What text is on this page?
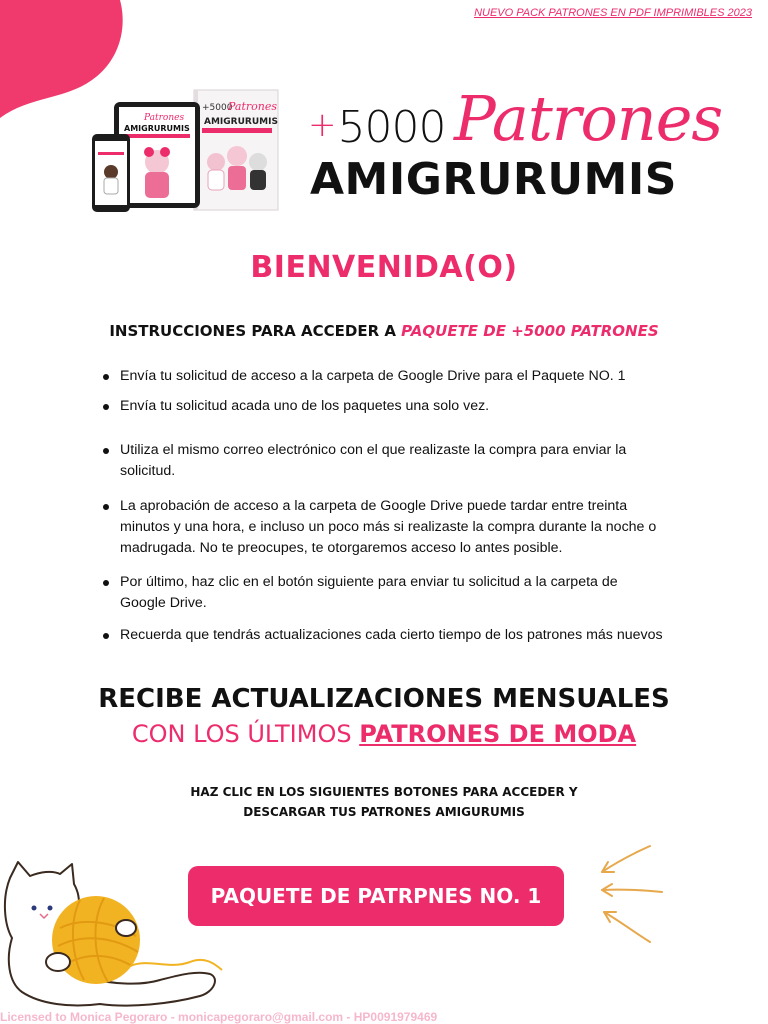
NUEVO PACK PATRONES EN PDF IMPRIMIBLES 2023
+5000
Patrones
AMIGRURUMIS
Patrones
AMIGRURUMIS	+5000 Patrones
AMIGRURUMIS
BIENVENIDA(O)
INSTRUCCIONES PARA ACCEDER A PAQUETE DE +5000 PATRONES
Envía tu solicitud de acceso a la carpeta de Google Drive para el Paquete NO. 1
Envía tu solicitud acada uno de los paquetes una solo vez.
Utiliza el mismo correo electrónico con el que realizaste la compra para enviar la solicitud.
La aprobación de acceso a la carpeta de Google Drive puede tardar entre treinta minutos y una hora, e incluso un poco más si realizaste la compra durante la noche o madrugada. No te preocupes, te otorgaremos acceso lo antes posible.
Por último, haz clic en el botón siguiente para enviar tu solicitud a la carpeta de Google Drive.
Recuerda que tendrás actualizaciones cada cierto tiempo de los patrones más nuevos
RECIBE ACTUALIZACIONES MENSUALES
CON LOS ÚLTIMOS PATRONES DE MODA
HAZ CLIC EN LOS SIGUIENTES BOTONES PARA ACCEDER Y
DESCARGAR TUS PATRONES AMIGURUMIS
PAQUETE DE PATRPNES NO. 1
Licensed to Monica Pegoraro - monicapegoraro@gmail.com - HP0091979469
